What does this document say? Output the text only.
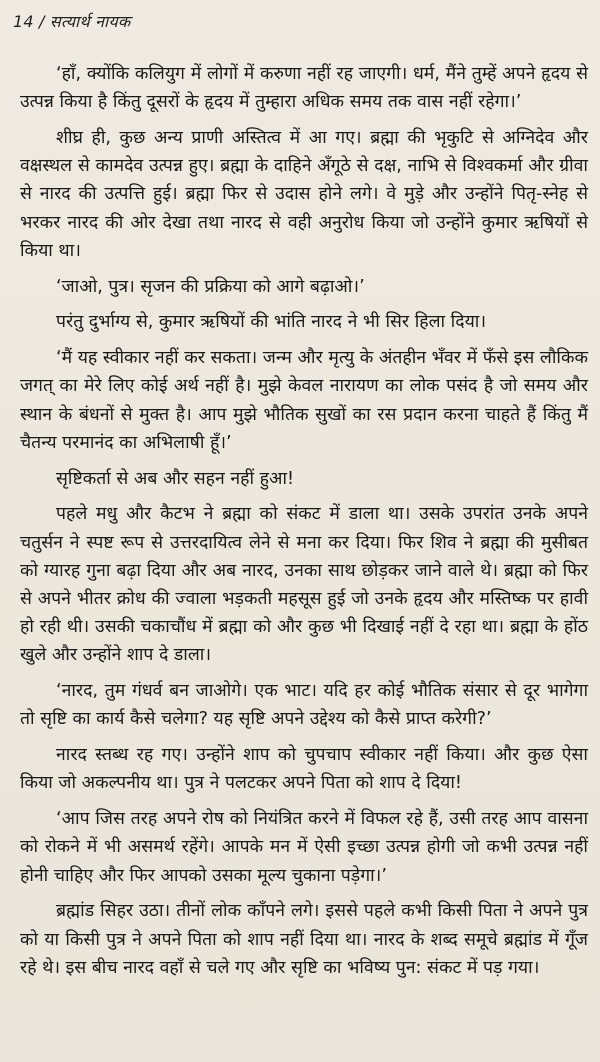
14 / सत्यार्थ नायक

‘हाँ, क्योंकि कलियुग में लोगों में करुणा नहीं रह जाएगी। धर्म, मैंने तुम्हें अपने हृदय से उत्पन्न किया है किंतु दूसरों के हृदय में तुम्हारा अधिक समय तक वास नहीं रहेगा।’

शीघ्र ही, कुछ अन्य प्राणी अस्तित्व में आ गए। ब्रह्मा की भृकुटि से अग्निदेव और वक्षस्थल से कामदेव उत्पन्न हुए। ब्रह्मा के दाहिने अँगूठे से दक्ष, नाभि से विश्वकर्मा और ग्रीवा से नारद की उत्पत्ति हुई। ब्रह्मा फिर से उदास होने लगे। वे मुड़े और उन्होंने पितृ-स्नेह से भरकर नारद की ओर देखा तथा नारद से वही अनुरोध किया जो उन्होंने कुमार ऋषियों से किया था।

‘जाओ, पुत्र। सृजन की प्रक्रिया को आगे बढ़ाओ।’

परंतु दुर्भाग्य से, कुमार ऋषियों की भांति नारद ने भी सिर हिला दिया।

‘मैं यह स्वीकार नहीं कर सकता। जन्म और मृत्यु के अंतहीन भँवर में फँसे इस लौकिक जगत् का मेरे लिए कोई अर्थ नहीं है। मुझे केवल नारायण का लोक पसंद है जो समय और स्थान के बंधनों से मुक्त है। आप मुझे भौतिक सुखों का रस प्रदान करना चाहते हैं किंतु मैं चैतन्य परमानंद का अभिलाषी हूँ।’

सृष्टिकर्ता से अब और सहन नहीं हुआ!

पहले मधु और कैटभ ने ब्रह्मा को संकट में डाला था। उसके उपरांत उनके अपने चतुर्सन ने स्पष्ट रूप से उत्तरदायित्व लेने से मना कर दिया। फिर शिव ने ब्रह्मा की मुसीबत को ग्यारह गुना बढ़ा दिया और अब नारद, उनका साथ छोड़कर जाने वाले थे। ब्रह्मा को फिर से अपने भीतर क्रोध की ज्वाला भड़कती महसूस हुई जो उनके हृदय और मस्तिष्क पर हावी हो रही थी। उसकी चकाचौंध में ब्रह्मा को और कुछ भी दिखाई नहीं दे रहा था। ब्रह्मा के होंठ खुले और उन्होंने शाप दे डाला।

‘नारद, तुम गंधर्व बन जाओगे। एक भाट। यदि हर कोई भौतिक संसार से दूर भागेगा तो सृष्टि का कार्य कैसे चलेगा? यह सृष्टि अपने उद्देश्य को कैसे प्राप्त करेगी?’

नारद स्तब्ध रह गए। उन्होंने शाप को चुपचाप स्वीकार नहीं किया। और कुछ ऐसा किया जो अकल्पनीय था। पुत्र ने पलटकर अपने पिता को शाप दे दिया!

‘आप जिस तरह अपने रोष को नियंत्रित करने में विफल रहे हैं, उसी तरह आप वासना को रोकने में भी असमर्थ रहेंगे। आपके मन में ऐसी इच्छा उत्पन्न होगी जो कभी उत्पन्न नहीं होनी चाहिए और फिर आपको उसका मूल्य चुकाना पड़ेगा।’

ब्रह्मांड सिहर उठा। तीनों लोक काँपने लगे। इससे पहले कभी किसी पिता ने अपने पुत्र को या किसी पुत्र ने अपने पिता को शाप नहीं दिया था। नारद के शब्द समूचे ब्रह्मांड में गूँज रहे थे। इस बीच नारद वहाँ से चले गए और सृष्टि का भविष्य पुन: संकट में पड़ गया।
